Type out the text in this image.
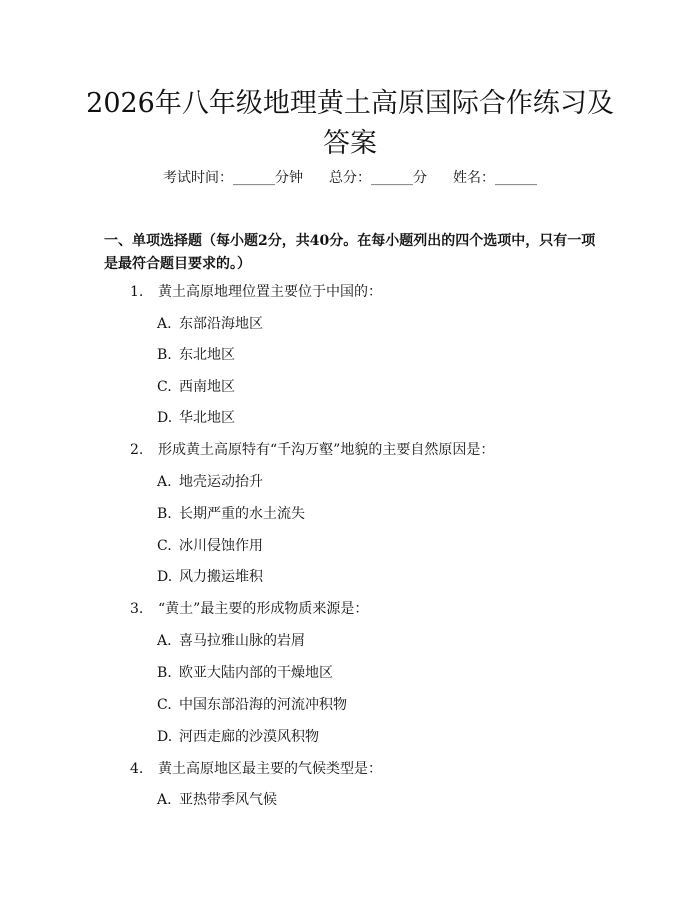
2026年八年级地理黄土高原国际合作练习及
答案
考试时间：______分钟 总分：______分 姓名：______
一、单项选择题（每小题2分，共40分。在每小题列出的四个选项中，只有一项
是最符合题目要求的。）
1. 黄土高原地理位置主要位于中国的：
A. 东部沿海地区
B. 东北地区
C. 西南地区
D. 华北地区
2. 形成黄土高原特有“千沟万壑”地貌的主要自然原因是：
A. 地壳运动抬升
B. 长期严重的水土流失
C. 冰川侵蚀作用
D. 风力搬运堆积
3. “黄土”最主要的形成物质来源是：
A. 喜马拉雅山脉的岩屑
B. 欧亚大陆内部的干燥地区
C. 中国东部沿海的河流冲积物
D. 河西走廊的沙漠风积物
4. 黄土高原地区最主要的气候类型是：
A. 亚热带季风气候
